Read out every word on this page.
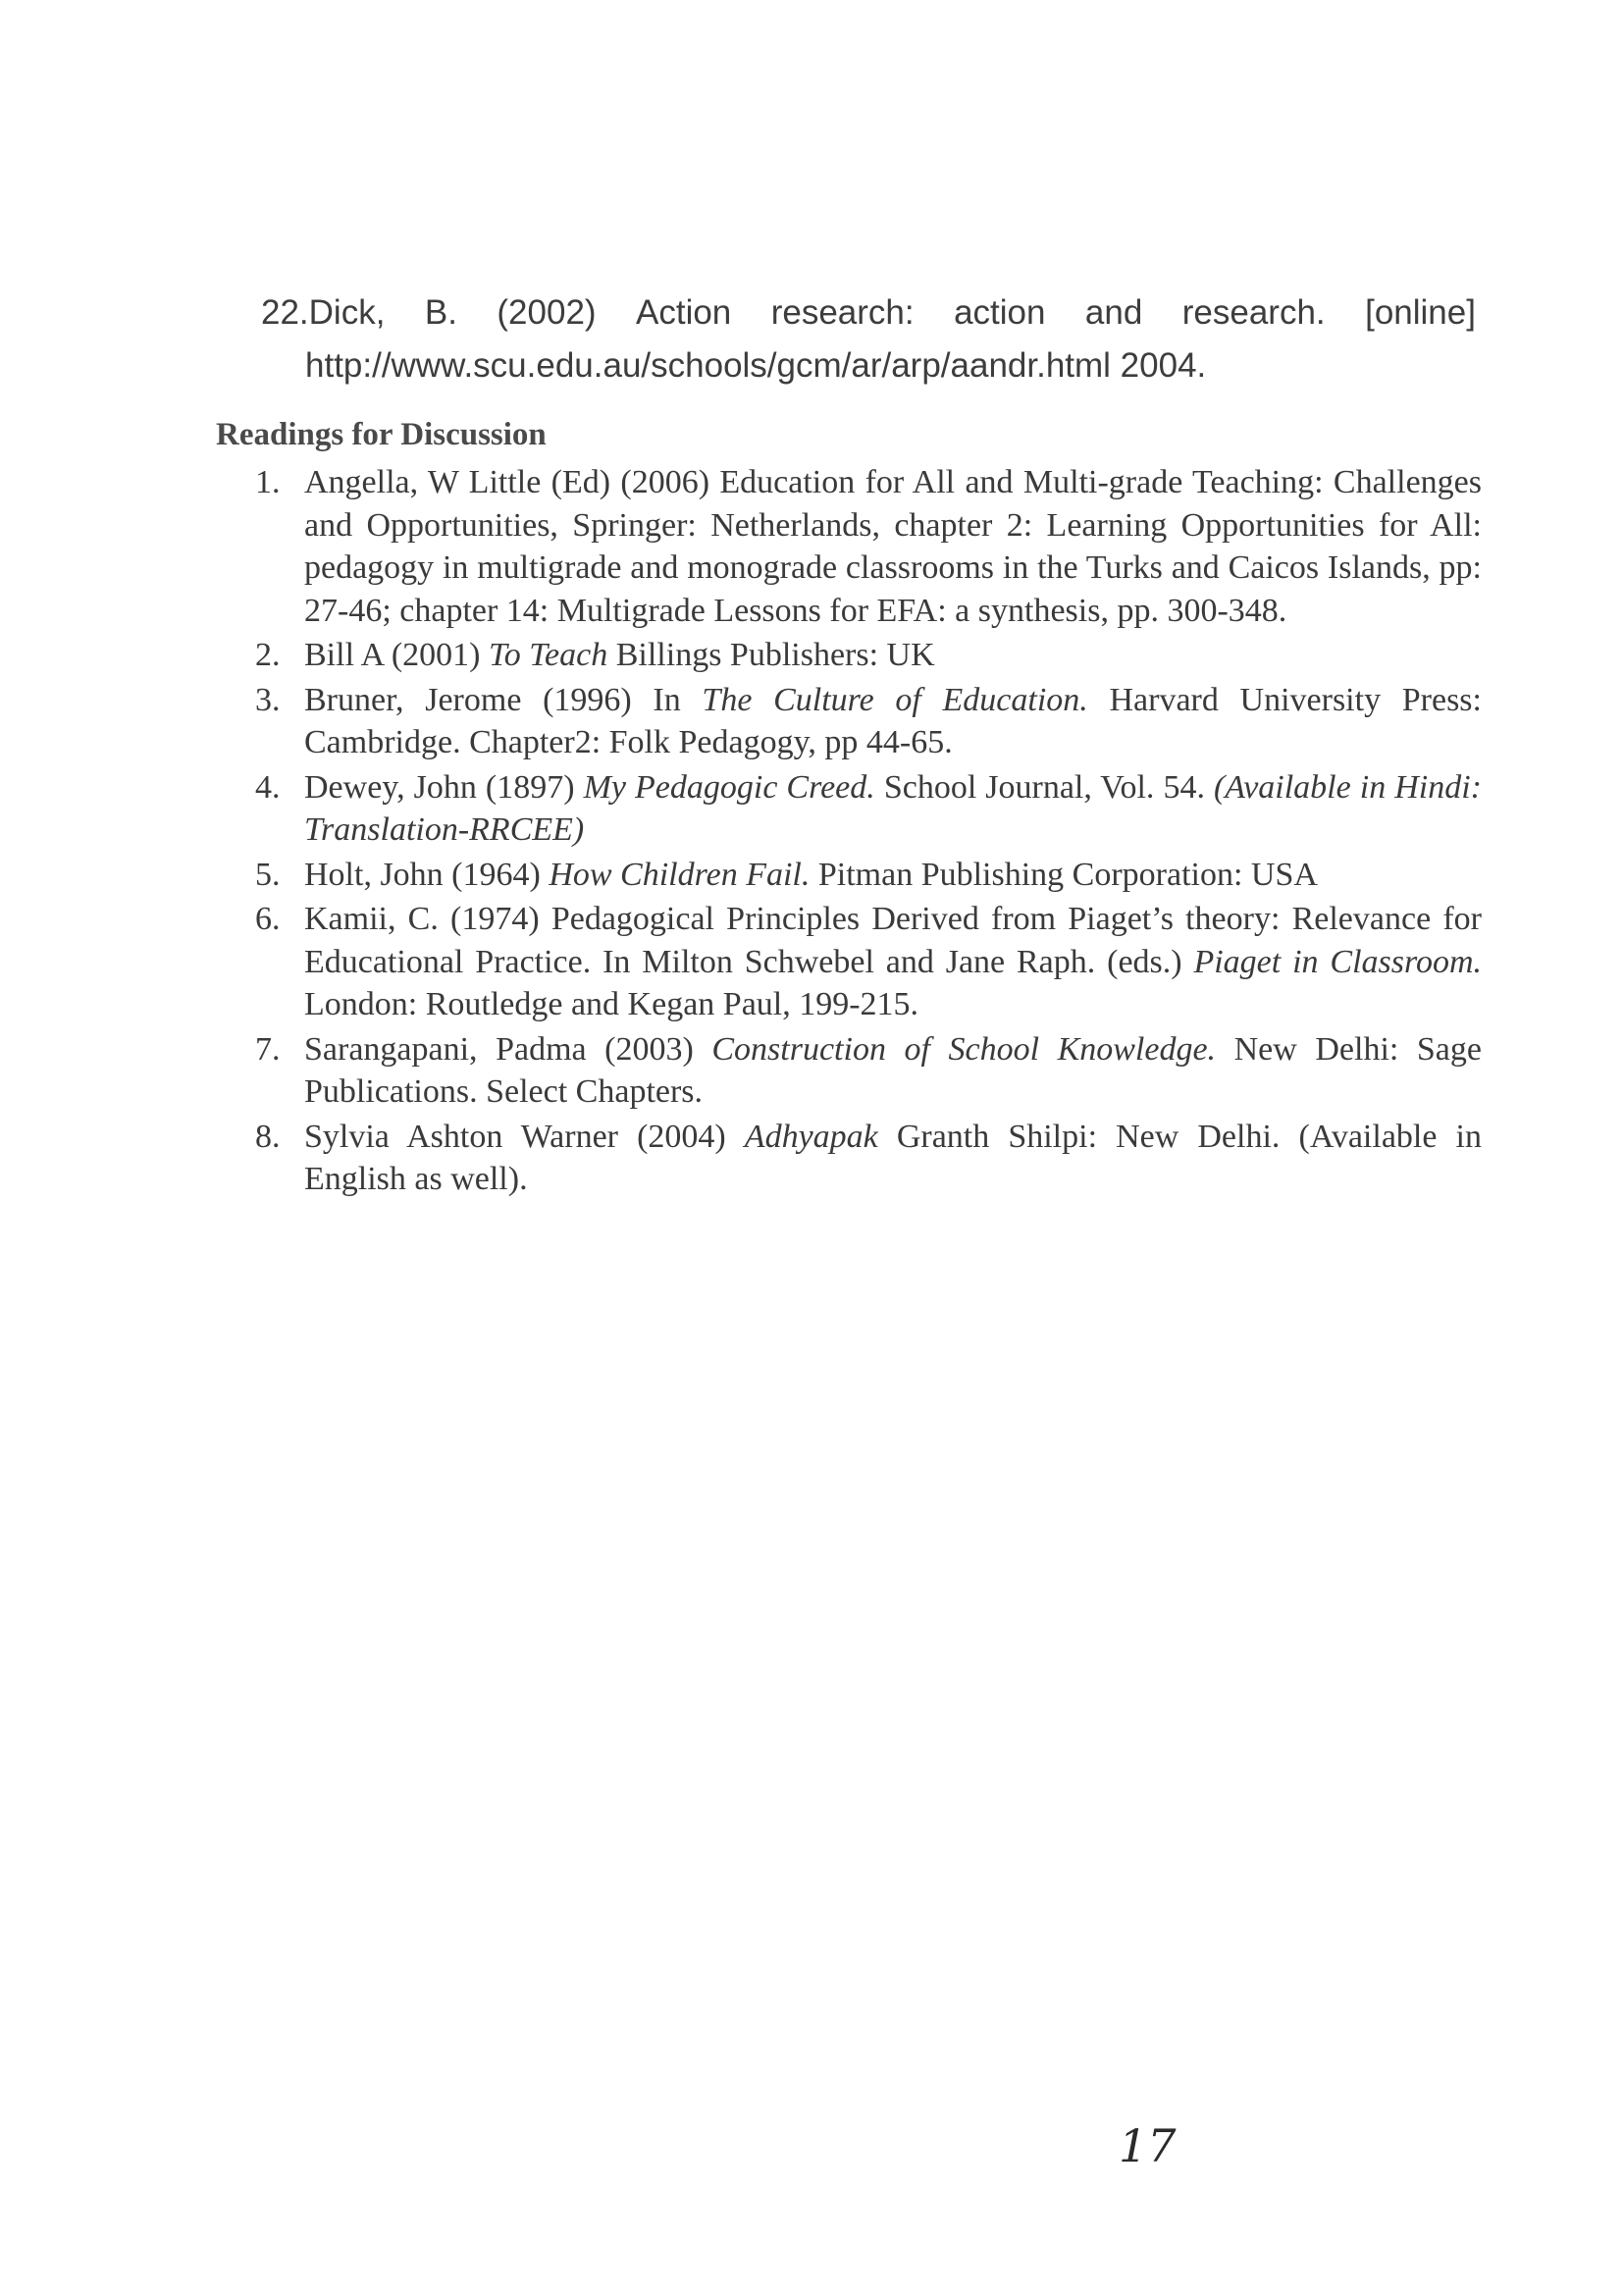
22.Dick, B. (2002) Action research: action and research. [online]
http://www.scu.edu.au/schools/gcm/ar/arp/aandr.html 2004.
Readings for Discussion
1. Angella, W Little (Ed) (2006) Education for All and Multi-grade Teaching: Challenges and Opportunities, Springer: Netherlands, chapter 2: Learning Opportunities for All: pedagogy in multigrade and monograde classrooms in the Turks and Caicos Islands, pp: 27-46; chapter 14: Multigrade Lessons for EFA: a synthesis, pp. 300-348.
2. Bill A (2001) To Teach Billings Publishers: UK
3. Bruner, Jerome (1996) In The Culture of Education. Harvard University Press: Cambridge. Chapter2: Folk Pedagogy, pp 44-65.
4. Dewey, John (1897) My Pedagogic Creed. School Journal, Vol. 54. (Available in Hindi: Translation-RRCEE)
5. Holt, John (1964) How Children Fail. Pitman Publishing Corporation: USA
6. Kamii, C. (1974) Pedagogical Principles Derived from Piaget’s theory: Relevance for Educational Practice. In Milton Schwebel and Jane Raph. (eds.) Piaget in Classroom. London: Routledge and Kegan Paul, 199-215.
7. Sarangapani, Padma (2003) Construction of School Knowledge. New Delhi: Sage Publications. Select Chapters.
8. Sylvia Ashton Warner (2004) Adhyapak Granth Shilpi: New Delhi. (Available in English as well).
17
